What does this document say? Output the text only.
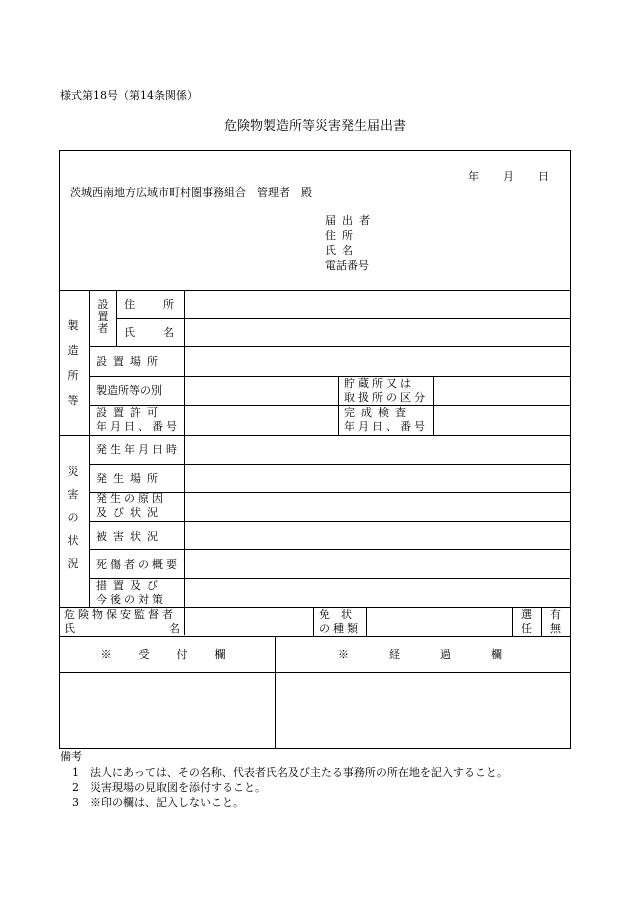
様式第18号（第14条関係）
危険物製造所等災害発生届出書
年 月 日
茨城西南地方広域市町村圏事務組合　管理者　殿
届出者
住所
氏名
電話番号
製
造
所
等
設
置
者
住　　所
氏　　名
設置場所
製造所等の別
貯蔵所又は
取扱所の区分
設置許可
年月日、番号
完成検査
年月日、番号
災
害
の
状
況
発生年月日時
発生場所
発生の原因
及び状況
被害状況
死傷者の概要
措置及び
今後の対策
危険物保安監督者
氏	名
免　状
の種類
選
任
有
無
※　受　付　欄	※　　経　　過　　欄
備考
1　法人にあっては、その名称、代表者氏名及び主たる事務所の所在地を記入すること。
2　災害現場の見取図を添付すること。
3　※印の欄は、記入しないこと。
